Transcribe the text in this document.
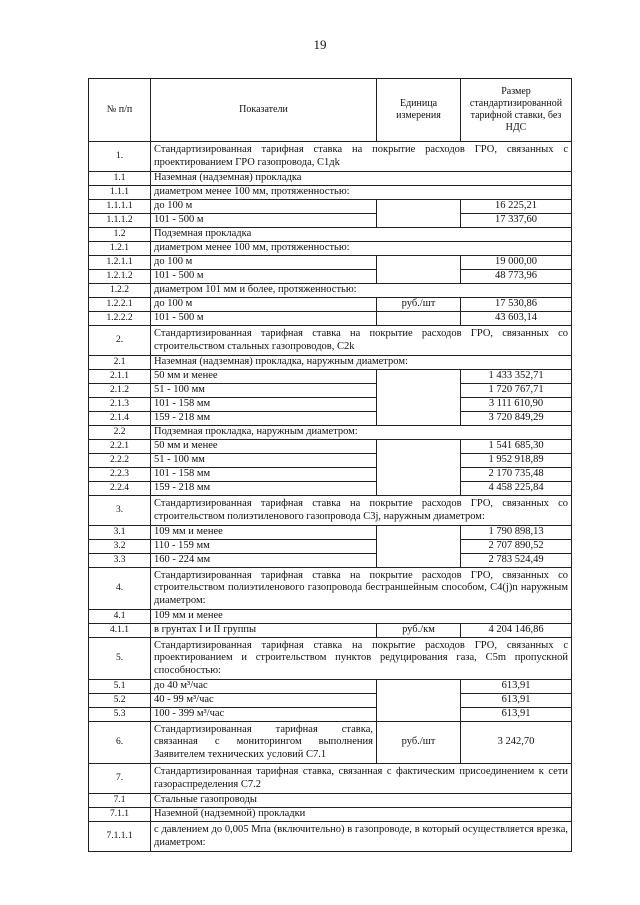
19
№ п/п	Показатели	Единица измерения	Размер стандартизированной тарифной ставки, без НДС
1.	Стандартизированная тарифная ставка на покрытие расходов ГРО, связанных с проектированием ГРО газопровода, C1дk		
1.1	Наземная (надземная) прокладка		
1.1.1	диаметром менее 100 мм, протяженностью:		
1.1.1.1	до 100 м		16 225,21
1.1.1.2	101 - 500 м		17 337,60
1.2	Подземная прокладка		
1.2.1	диаметром менее 100 мм, протяженностью:		
1.2.1.1	до 100 м		19 000,00
1.2.1.2	101 - 500 м		48 773,96
1.2.2	диаметром 101 мм и более, протяженностью:		
1.2.2.1	до 100 м	руб./шт	17 530,86
1.2.2.2	101 - 500 м		43 603,14
2.	Стандартизированная тарифная ставка на покрытие расходов ГРО, связанных со строительством стальных газопроводов, C2k		
2.1	Наземная (надземная) прокладка, наружным диаметром:		
2.1.1	50 мм и менее		1 433 352,71
2.1.2	51 - 100 мм		1 720 767,71
2.1.3	101 - 158 мм		3 111 610,90
2.1.4	159 - 218 мм		3 720 849,29
2.2	Подземная прокладка, наружным диаметром:		
2.2.1	50 мм и менее		1 541 685,30
2.2.2	51 - 100 мм		1 952 918,89
2.2.3	101 - 158 мм		2 170 735,48
2.2.4	159 - 218 мм		4 458 225,84
3.	Стандартизированная тарифная ставка на покрытие расходов ГРО, связанных со строительством полиэтиленового газопровода C3j, наружным диаметром:		
3.1	109 мм и менее		1 790 898,13
3.2	110 - 159 мм		2 707 890,52
3.3	160 - 224 мм		2 783 524,49
4.	Стандартизированная тарифная ставка на покрытие расходов ГРО, связанных со строительством полиэтиленового газопровода бестраншейным способом, C4(j)n наружным диаметром:		
4.1	109 мм и менее		
4.1.1	в грунтах I и II группы	руб./км	4 204 146,86
5.	Стандартизированная тарифная ставка на покрытие расходов ГРО, связанных с проектированием и строительством пунктов редуцирования газа, C5m пропускной способностью:		
5.1	до 40 м³/час		613,91
5.2	40 - 99 м³/час		613,91
5.3	100 - 399 м³/час		613,91
6.	Стандартизированная тарифная ставка, связанная с мониторингом выполнения Заявителем технических условий C7.1	руб./шт	3 242,70
7.	Стандартизированная тарифная ставка, связанная с фактическим присоединением к сети газораспределения C7.2		
7.1	Стальные газопроводы		
7.1.1	Наземной (надземной) прокладки		
7.1.1.1	с давлением до 0,005 Мпа (включительно) в газопроводе, в который осуществляется врезка, диаметром:		
